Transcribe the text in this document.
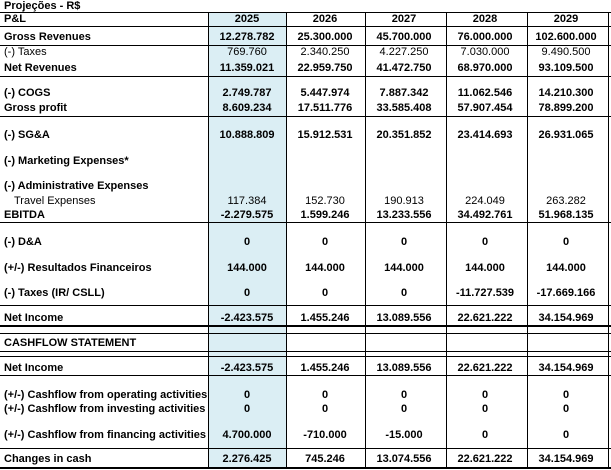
Projeções - R$
P&L	2025	2026	2027	2028	2029
Gross Revenues	12.278.782	25.300.000	45.700.000	76.000.000	102.600.000
(-) Taxes	769.760	2.340.250	4.227.250	7.030.000	9.490.500
Net Revenues	11.359.021	22.959.750	41.472.750	68.970.000	93.109.500
(-) COGS	2.749.787	5.447.974	7.887.342	11.062.546	14.210.300
Gross profit	8.609.234	17.511.776	33.585.408	57.907.454	78.899.200
(-) SG&A	10.888.809	15.912.531	20.351.852	23.414.693	26.931.065
(-) Marketing Expenses*
(-) Administrative Expenses
Travel Expenses	117.384	152.730	190.913	224.049	263.282
EBITDA	-2.279.575	1.599.246	13.233.556	34.492.761	51.968.135
(-) D&A	0	0	0	0	0
(+/-) Resultados Financeiros	144.000	144.000	144.000	144.000	144.000
(-) Taxes (IR/ CSLL)	0	0	0	-11.727.539	-17.669.166
Net Income	-2.423.575	1.455.246	13.089.556	22.621.222	34.154.969
CASHFLOW STATEMENT
Net Income	-2.423.575	1.455.246	13.089.556	22.621.222	34.154.969
(+/-) Cashflow from operating activities	0	0	0	0	0
(+/-) Cashflow from investing activities	0	0	0	0	0
(+/-) Cashflow from financing activities	4.700.000	-710.000	-15.000	0	0
Changes in cash	2.276.425	745.246	13.074.556	22.621.222	34.154.969
